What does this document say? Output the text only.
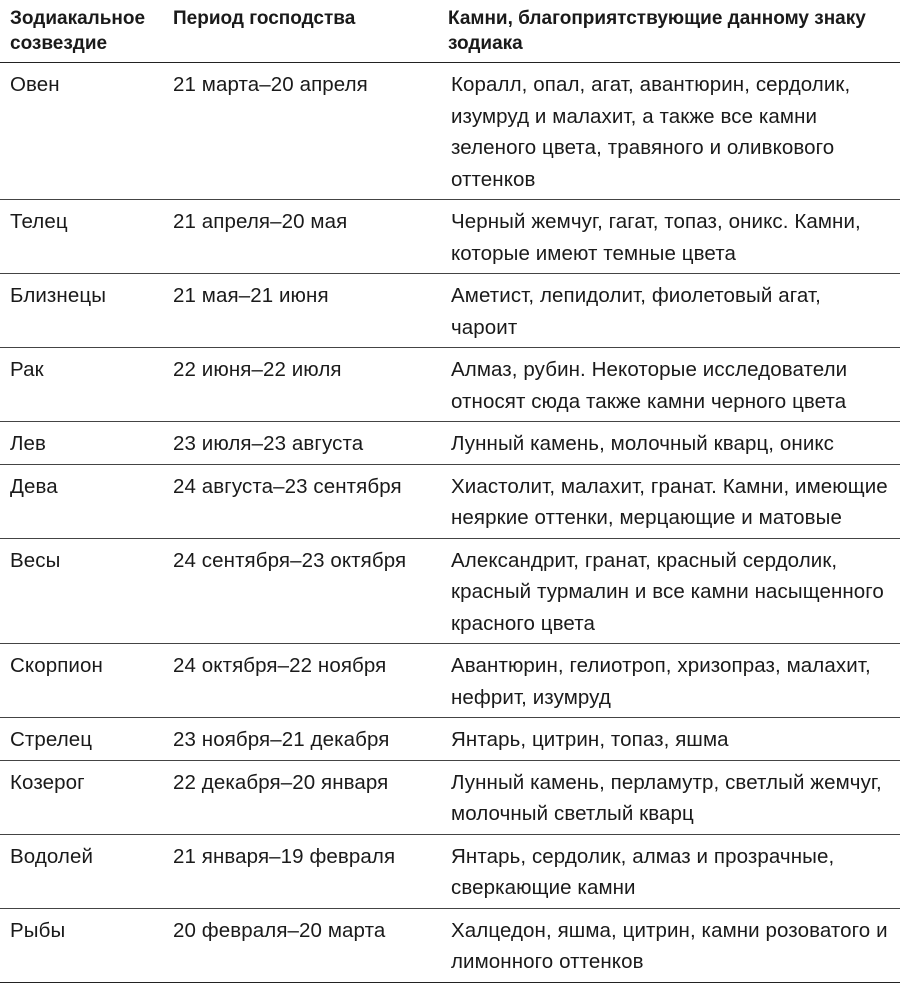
Зодиакальное созвездие	Период господства	Камни, благоприятствующие данному знаку зодиака
Овен	21 марта–20 апреля	Коралл, опал, агат, авантюрин, сердолик, изумруд и малахит, а также все камни зеленого цвета, травяного и оливкового оттенков
Телец	21 апреля–20 мая	Черный жемчуг, гагат, топаз, оникс. Камни, которые имеют темные цвета
Близнецы	21 мая–21 июня	Аметист, лепидолит, фиолетовый агат, чароит
Рак	22 июня–22 июля	Алмаз, рубин. Некоторые исследователи относят сюда также камни черного цвета
Лев	23 июля–23 августа	Лунный камень, молочный кварц, оникс
Дева	24 августа–23 сентября	Хиастолит, малахит, гранат. Камни, имеющие неяркие оттенки, мерцающие и матовые
Весы	24 сентября–23 октября	Александрит, гранат, красный сердолик, красный турмалин и все камни насыщенного красного цвета
Скорпион	24 октября–22 ноября	Авантюрин, гелиотроп, хризопраз, малахит, нефрит, изумруд
Стрелец	23 ноября–21 декабря	Янтарь, цитрин, топаз, яшма
Козерог	22 декабря–20 января	Лунный камень, перламутр, светлый жемчуг, молочный светлый кварц
Водолей	21 января–19 февраля	Янтарь, сердолик, алмаз и прозрачные, сверкающие камни
Рыбы	20 февраля–20 марта	Халцедон, яшма, цитрин, камни розоватого и лимонного оттенков
